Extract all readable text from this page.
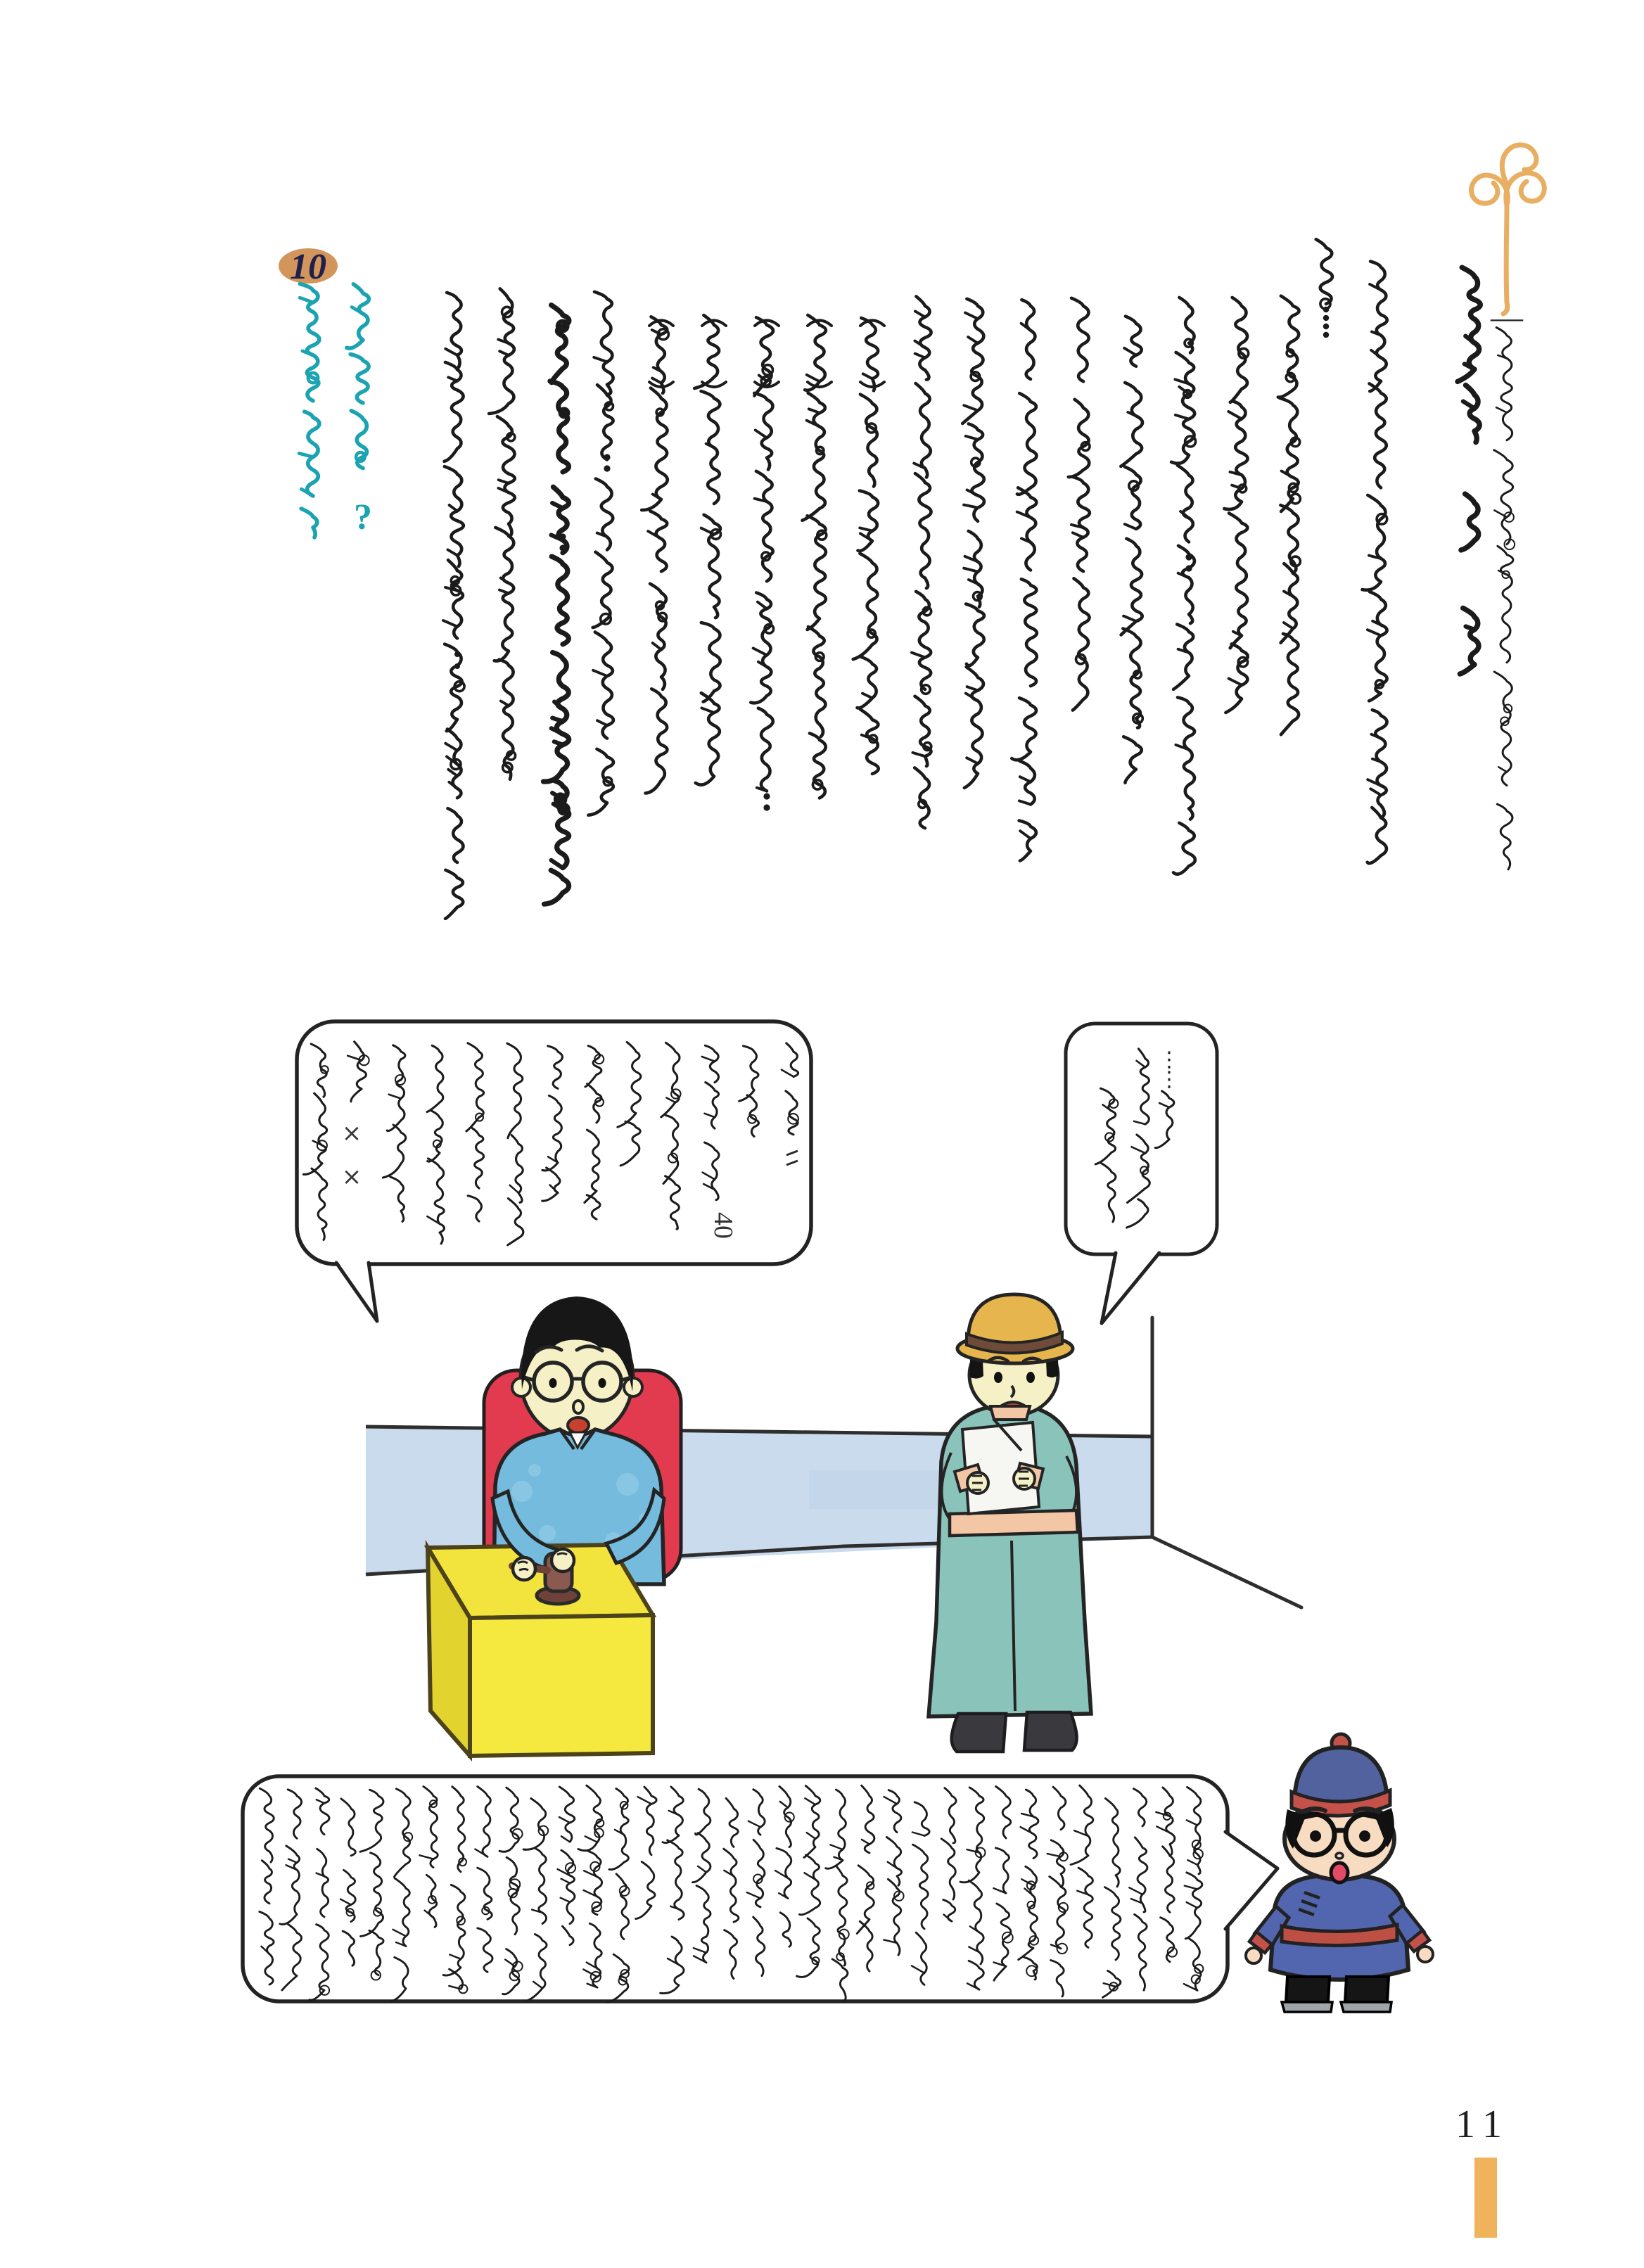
—
10
?
×
×
40
⋮
⋮
11
